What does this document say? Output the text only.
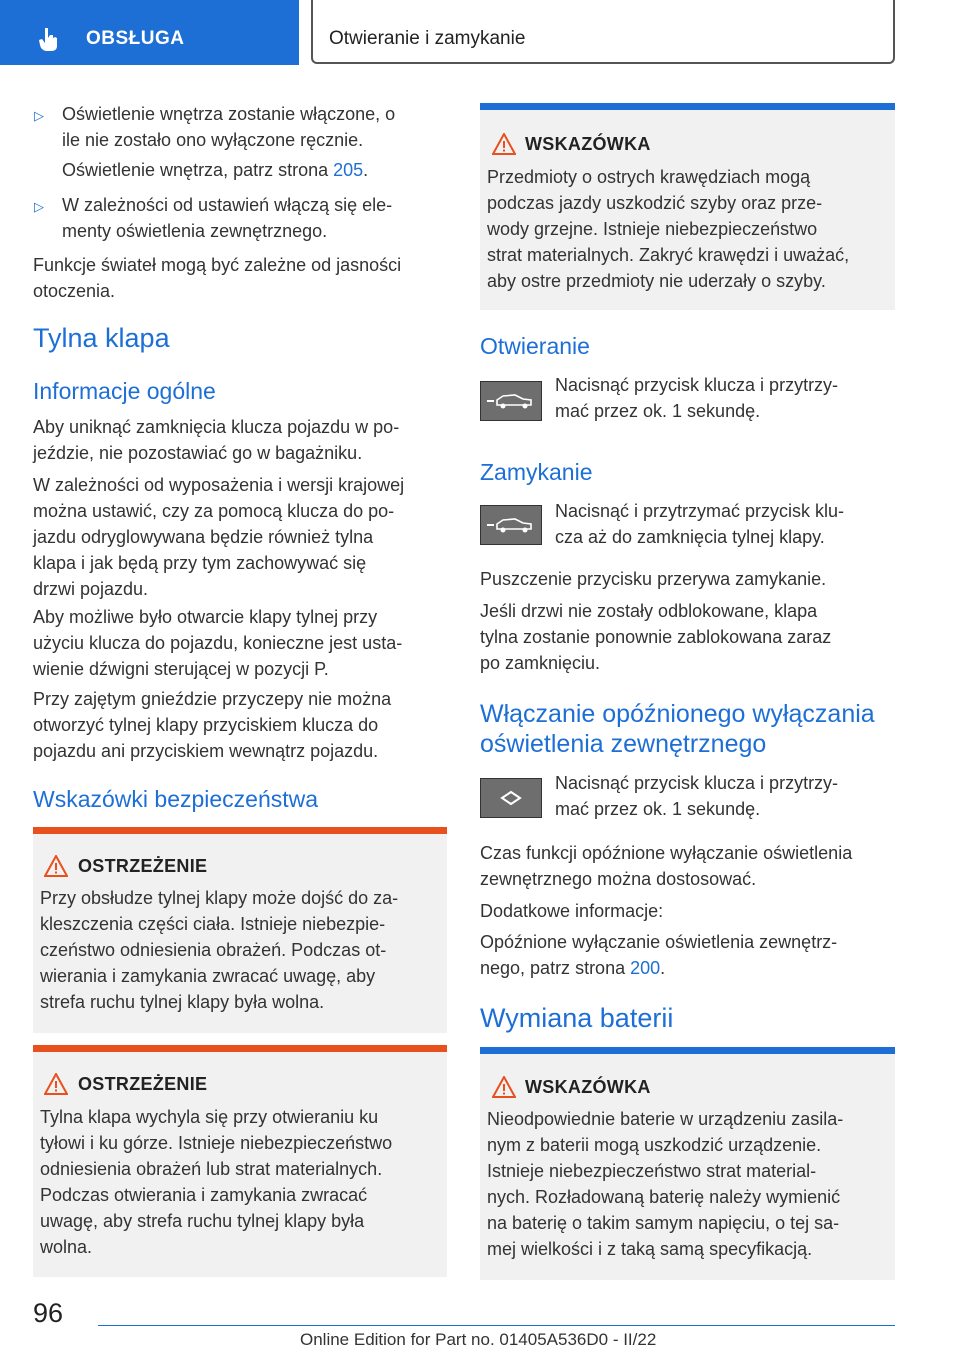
OBSŁUGA	Otwieranie i zamykanie
▷ Oświetlenie wnętrza zostanie włączone, o
ile nie zostało ono wyłączone ręcznie.
Oświetlenie wnętrza, patrz strona 205.
▷ W zależności od ustawień włączą się ele-
menty oświetlenia zewnętrznego.
Funkcje świateł mogą być zależne od jasności
otoczenia.
Tylna klapa
Informacje ogólne
Aby uniknąć zamknięcia klucza pojazdu w po-
jeździe, nie pozostawiać go w bagażniku.
W zależności od wyposażenia i wersji krajowej
można ustawić, czy za pomocą klucza do po-
jazdu odryglowywana będzie również tylna
klapa i jak będą przy tym zachowywać się
drzwi pojazdu.
Aby możliwe było otwarcie klapy tylnej przy
użyciu klucza do pojazdu, konieczne jest usta-
wienie dźwigni sterującej w pozycji P.
Przy zajętym gnieździe przyczepy nie można
otworzyć tylnej klapy przyciskiem klucza do
pojazdu ani przyciskiem wewnątrz pojazdu.
Wskazówki bezpieczeństwa
OSTRZEŻENIE
Przy obsłudze tylnej klapy może dojść do za-
kleszczenia części ciała. Istnieje niebezpie-
czeństwo odniesienia obrażeń. Podczas ot-
wierania i zamykania zwracać uwagę, aby
strefa ruchu tylnej klapy była wolna.
OSTRZEŻENIE
Tylna klapa wychyla się przy otwieraniu ku
tyłowi i ku górze. Istnieje niebezpieczeństwo
odniesienia obrażeń lub strat materialnych.
Podczas otwierania i zamykania zwracać
uwagę, aby strefa ruchu tylnej klapy była
wolna.
WSKAZÓWKA
Przedmioty o ostrych krawędziach mogą
podczas jazdy uszkodzić szyby oraz prze-
wody grzejne. Istnieje niebezpieczeństwo
strat materialnych. Zakryć krawędzi i uważać,
aby ostre przedmioty nie uderzały o szyby.
Otwieranie
Nacisnąć przycisk klucza i przytrzy-
mać przez ok. 1 sekundę.
Zamykanie
Nacisnąć i przytrzymać przycisk klu-
cza aż do zamknięcia tylnej klapy.
Puszczenie przycisku przerywa zamykanie.
Jeśli drzwi nie zostały odblokowane, klapa
tylna zostanie ponownie zablokowana zaraz
po zamknięciu.
Włączanie opóźnionego wyłączania
oświetlenia zewnętrznego
Nacisnąć przycisk klucza i przytrzy-
mać przez ok. 1 sekundę.
Czas funkcji opóźnione wyłączanie oświetlenia
zewnętrznego można dostosować.
Dodatkowe informacje:
Opóźnione wyłączanie oświetlenia zewnętrz-
nego, patrz strona 200.
Wymiana baterii
WSKAZÓWKA
Nieodpowiednie baterie w urządzeniu zasila-
nym z baterii mogą uszkodzić urządzenie.
Istnieje niebezpieczeństwo strat material-
nych. Rozładowaną baterię należy wymienić
na baterię o takim samym napięciu, o tej sa-
mej wielkości i z taką samą specyfikacją.
96
Online Edition for Part no. 01405A536D0 - II/22
